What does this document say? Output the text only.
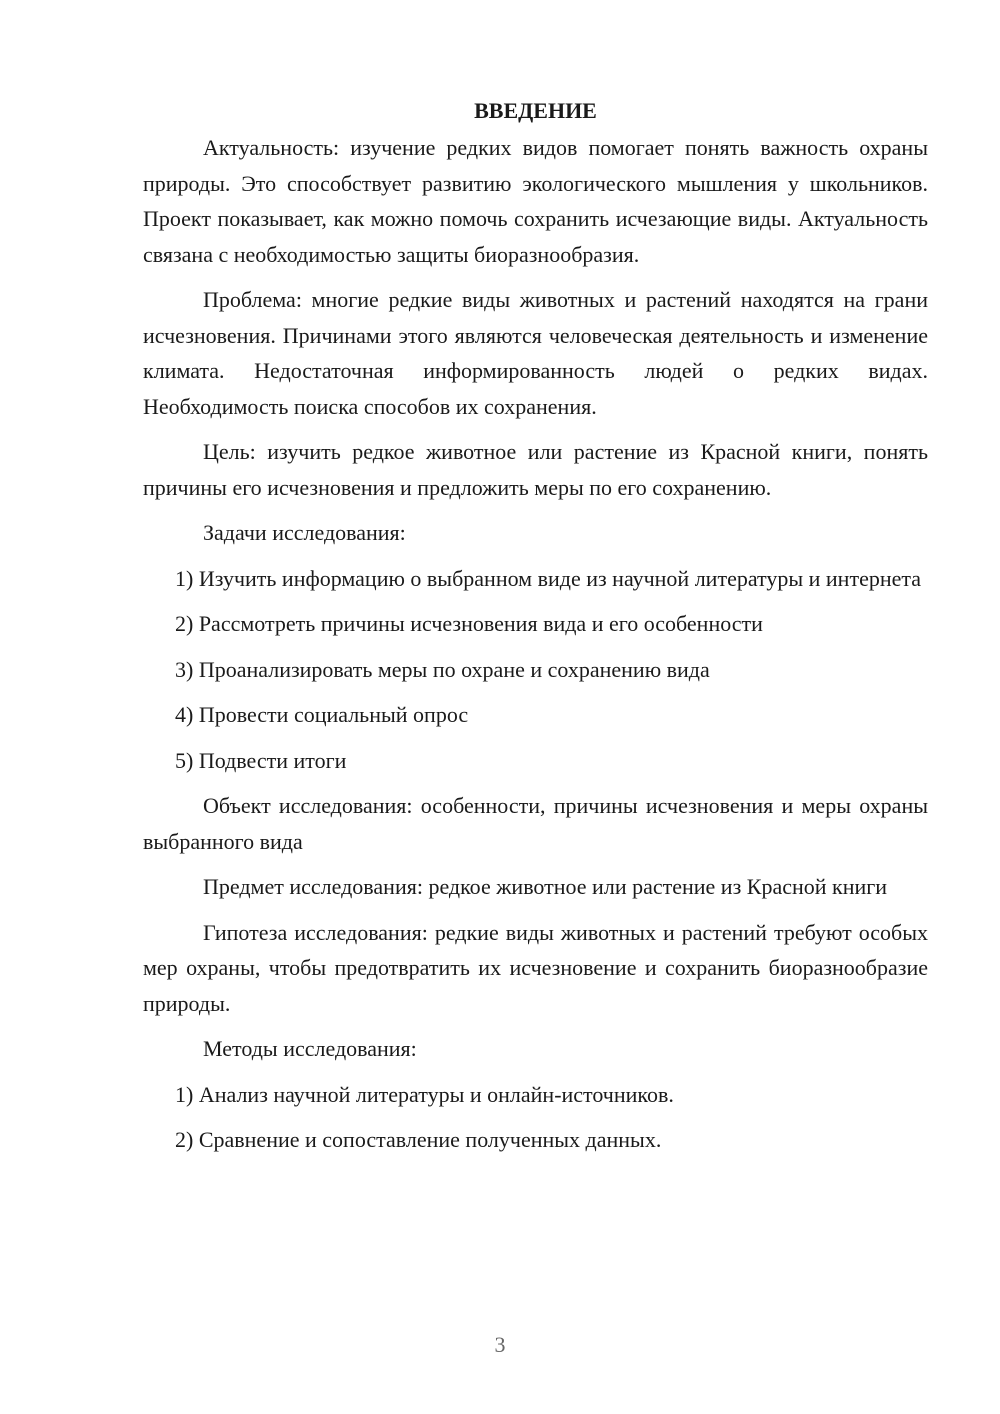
ВВЕДЕНИЕ

Актуальность: изучение редких видов помогает понять важность охраны природы. Это способствует развитию экологического мышления у школьников. Проект показывает, как можно помочь сохранить исчезающие виды. Актуальность связана с необходимостью защиты биоразнообразия.

Проблема: многие редкие виды животных и растений находятся на грани исчезновения. Причинами этого являются человеческая деятельность и изменение климата. Недостаточная информированность людей о редких видах. Необходимость поиска способов их сохранения.

Цель: изучить редкое животное или растение из Красной книги, понять причины его исчезновения и предложить меры по его сохранению.

Задачи исследования:

1) Изучить информацию о выбранном виде из научной литературы и интернета

2) Рассмотреть причины исчезновения вида и его особенности

3) Проанализировать меры по охране и сохранению вида

4) Провести социальный опрос

5) Подвести итоги

Объект исследования: особенности, причины исчезновения и меры охраны выбранного вида

Предмет исследования: редкое животное или растение из Красной книги

Гипотеза исследования: редкие виды животных и растений требуют особых мер охраны, чтобы предотвратить их исчезновение и сохранить биоразнообразие природы.

Методы исследования:

1) Анализ научной литературы и онлайн-источников.

2) Сравнение и сопоставление полученных данных.

3
